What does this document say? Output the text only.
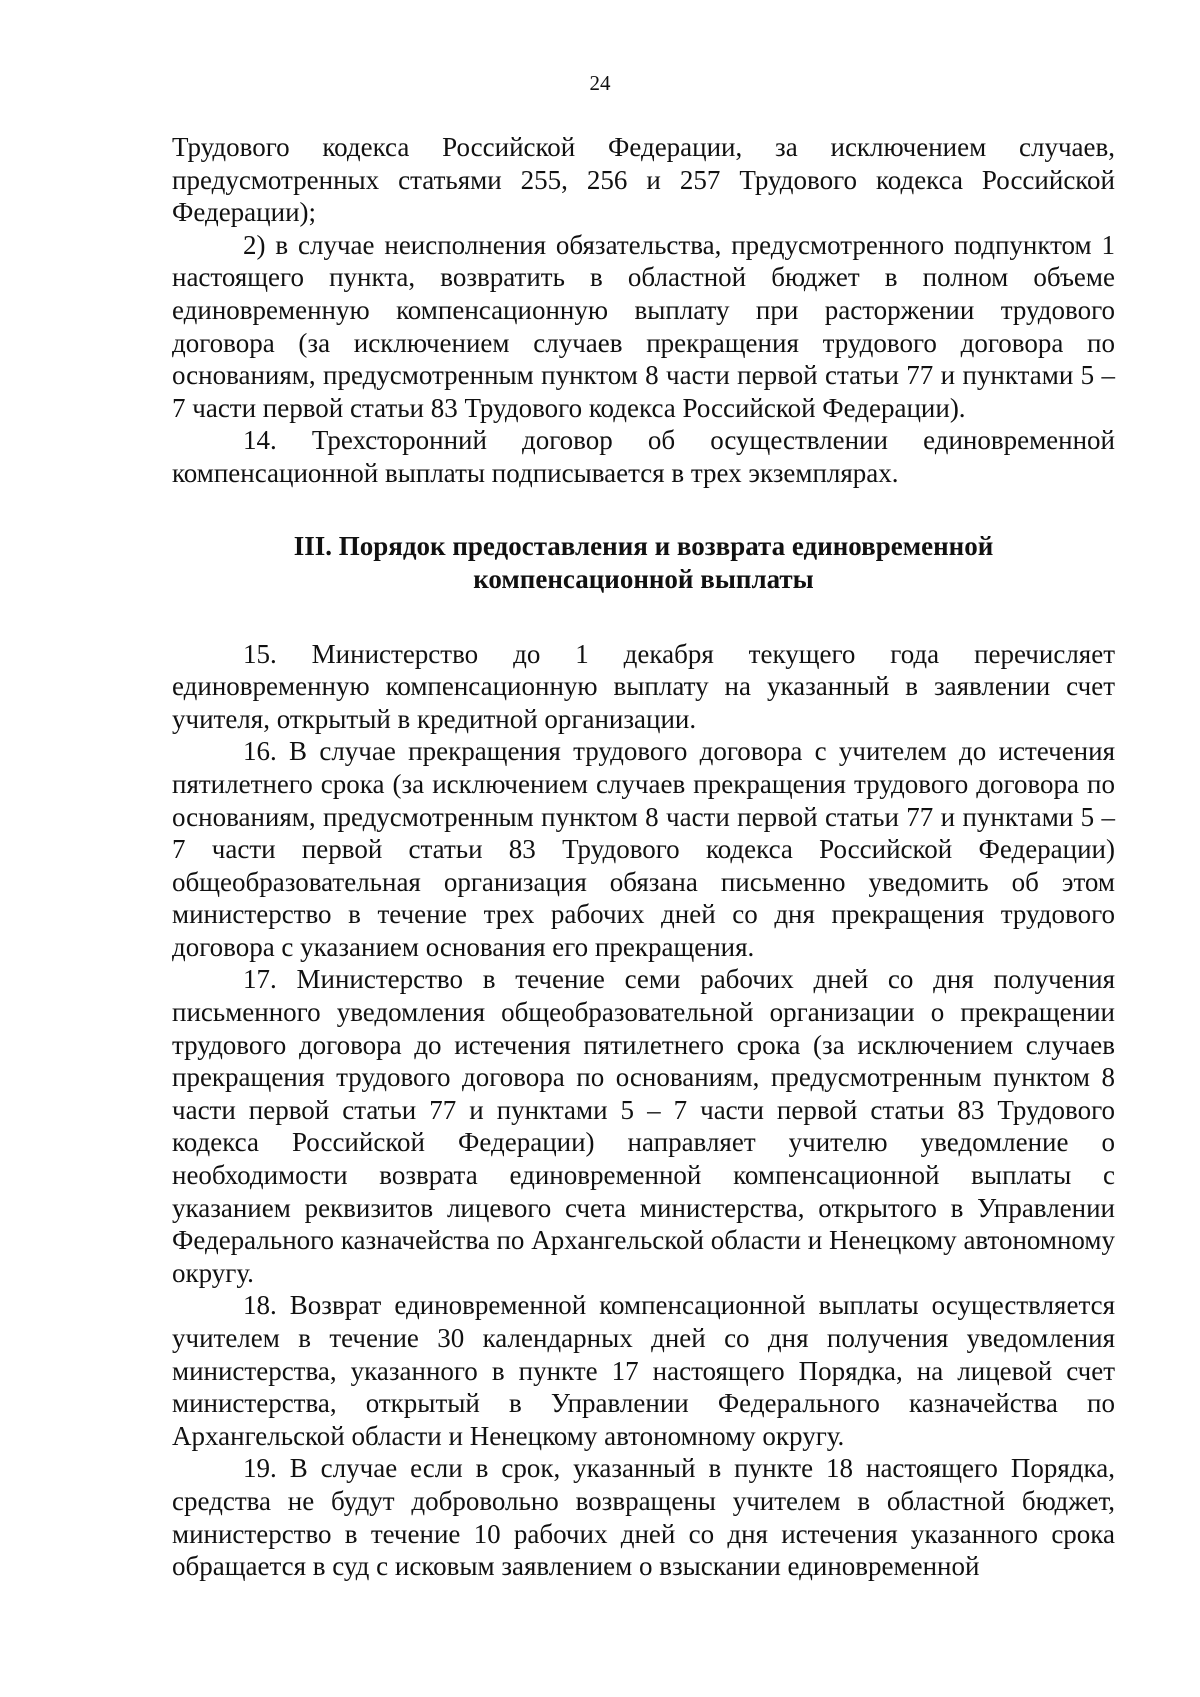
24

Трудового кодекса Российской Федерации, за исключением случаев, предусмотренных статьями 255, 256 и 257 Трудового кодекса Российской Федерации);

2) в случае неисполнения обязательства, предусмотренного подпунктом 1 настоящего пункта, возвратить в областной бюджет в полном объеме единовременную компенсационную выплату при расторжении трудового договора (за исключением случаев прекращения трудового договора по основаниям, предусмотренным пунктом 8 части первой статьи 77 и пунктами 5 – 7 части первой статьи 83 Трудового кодекса Российской Федерации).

14. Трехсторонний договор об осуществлении единовременной компенсационной выплаты подписывается в трех экземплярах.

III. Порядок предоставления и возврата единовременной
компенсационной выплаты

15. Министерство до 1 декабря текущего года перечисляет единовременную компенсационную выплату на указанный в заявлении счет учителя, открытый в кредитной организации.

16. В случае прекращения трудового договора с учителем до истечения пятилетнего срока (за исключением случаев прекращения трудового договора по основаниям, предусмотренным пунктом 8 части первой статьи 77 и пунктами 5 – 7 части первой статьи 83 Трудового кодекса Российской Федерации) общеобразовательная организация обязана письменно уведомить об этом министерство в течение трех рабочих дней со дня прекращения трудового договора с указанием основания его прекращения.

17. Министерство в течение семи рабочих дней со дня получения письменного уведомления общеобразовательной организации о прекращении трудового договора до истечения пятилетнего срока (за исключением случаев прекращения трудового договора по основаниям, предусмотренным пунктом 8 части первой статьи 77 и пунктами 5 – 7 части первой статьи 83 Трудового кодекса Российской Федерации) направляет учителю уведомление о необходимости возврата единовременной компенсационной выплаты с указанием реквизитов лицевого счета министерства, открытого в Управлении Федерального казначейства по Архангельской области и Ненецкому автономному округу.

18. Возврат единовременной компенсационной выплаты осуществляется учителем в течение 30 календарных дней со дня получения уведомления министерства, указанного в пункте 17 настоящего Порядка, на лицевой счет министерства, открытый в Управлении Федерального казначейства по Архангельской области и Ненецкому автономному округу.

19. В случае если в срок, указанный в пункте 18 настоящего Порядка, средства не будут добровольно возвращены учителем в областной бюджет, министерство в течение 10 рабочих дней со дня истечения указанного срока обращается в суд с исковым заявлением о взыскании единовременной
